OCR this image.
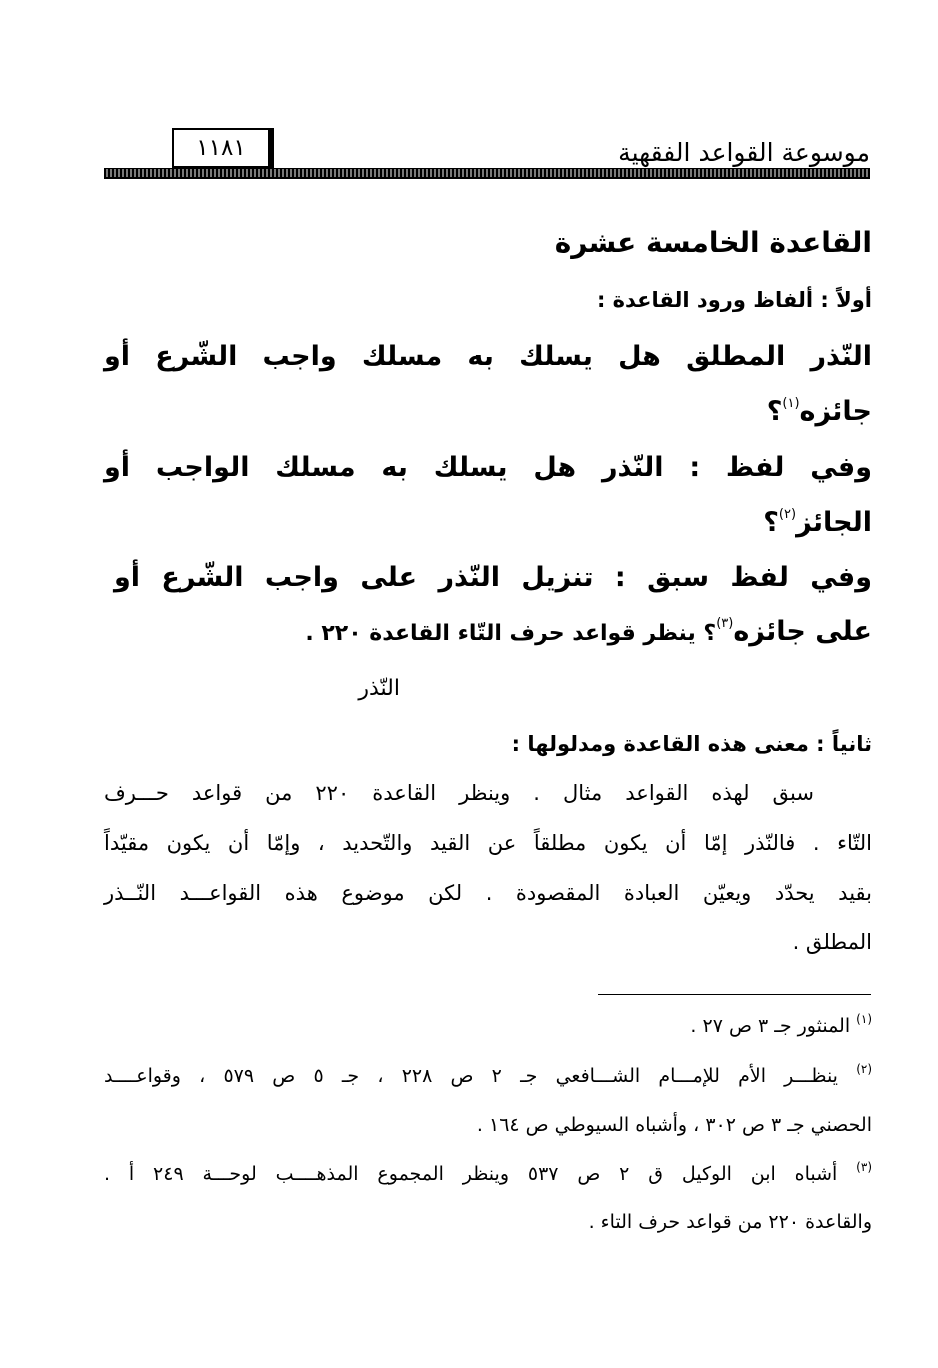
موسوعة القواعد الفقهية
١١٨١
القاعدة الخامسة عشرة
أولاً : ألفاظ ورود القاعدة :
النّذر المطلق هل يسلك به مسلك واجب الشّرع أو
جائزه$^{(١)}$؟
وفي لفظ : النّذر هل يسلك به مسلك الواجب أو
الجائز$^{(٢)}$؟
وفي لفظ سبق : تنزيل النّذر على واجب الشّرع أو
على جائزه$^{(٣)}$؟ ينظر قواعد حرف التّاء القاعدة ٢٢٠ .
النّذر
ثانياً : معنى هذه القاعدة ومدلولها :
سبق لهذه القواعد مثال . وينظر القاعدة ٢٢٠ من قواعد حـــرف
التّاء . فالنّذر إمّا أن يكون مطلقاً عن القيد والتّحديد ، وإمّا أن يكون مقيّداً
بقيد يحدّد ويعيّن العبادة المقصودة . لكن موضوع هذه القواعـــد النّــذر
المطلق .
$^{(١)}$ المنثور جـ ٣ ص ٢٧ .
$^{(٢)}$ ينظـــر الأم للإمـــام الشـــافعي جـ ٢ ص ٢٢٨ ، جـ ٥ ص ٥٧٩ ، وقواعــــد
الحصني جـ ٣ ص ٣٠٢ ، وأشباه السيوطي ص ١٦٤ .
$^{(٣)}$ أشباه ابن الوكيل ق ٢ ص ٥٣٧ وينظر المجموع المذهــــب لوحـــة ٢٤٩ أ .
والقاعدة ٢٢٠ من قواعد حرف التاء .
